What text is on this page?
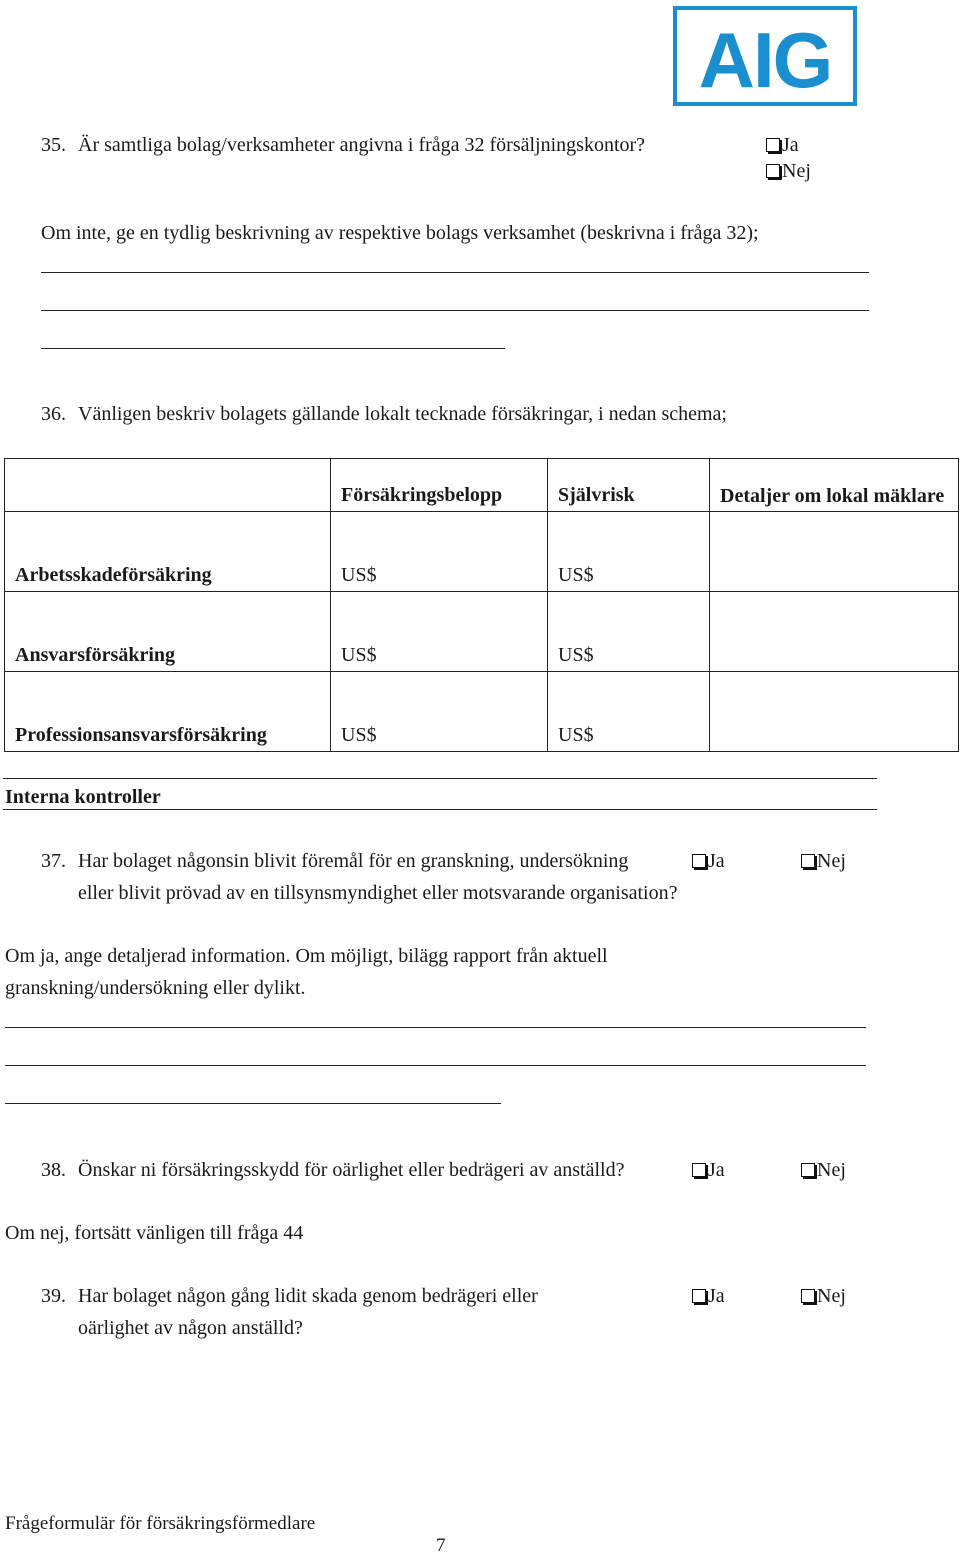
AIG
35. Är samtliga bolag/verksamheter angivna i fråga 32 försäljningskontor?	Ja
Nej
Om inte, ge en tydlig beskrivning av respektive bolags verksamhet (beskrivna i fråga 32);
36. Vänligen beskriv bolagets gällande lokalt tecknade försäkringar, i nedan schema;
	Försäkringsbelopp	Självrisk	Detaljer om lokal mäklare
Arbetsskadeförsäkring	US$	US$	
Ansvarsförsäkring	US$	US$	
Professionsansvarsförsäkring	US$	US$	
Interna kontroller
37. Har bolaget någonsin blivit föremål för en granskning, undersökning
eller blivit prövad av en tillsynsmyndighet eller motsvarande organisation?
Ja	Nej
Om ja, ange detaljerad information. Om möjligt, bilägg rapport från aktuell
granskning/undersökning eller dylikt.
38. Önskar ni försäkringsskydd för oärlighet eller bedrägeri av anställd?	Ja	Nej
Om nej, fortsätt vänligen till fråga 44
39. Har bolaget någon gång lidit skada genom bedrägeri eller
oärlighet av någon anställd?
Ja	Nej
Frågeformulär för försäkringsförmedlare
7
